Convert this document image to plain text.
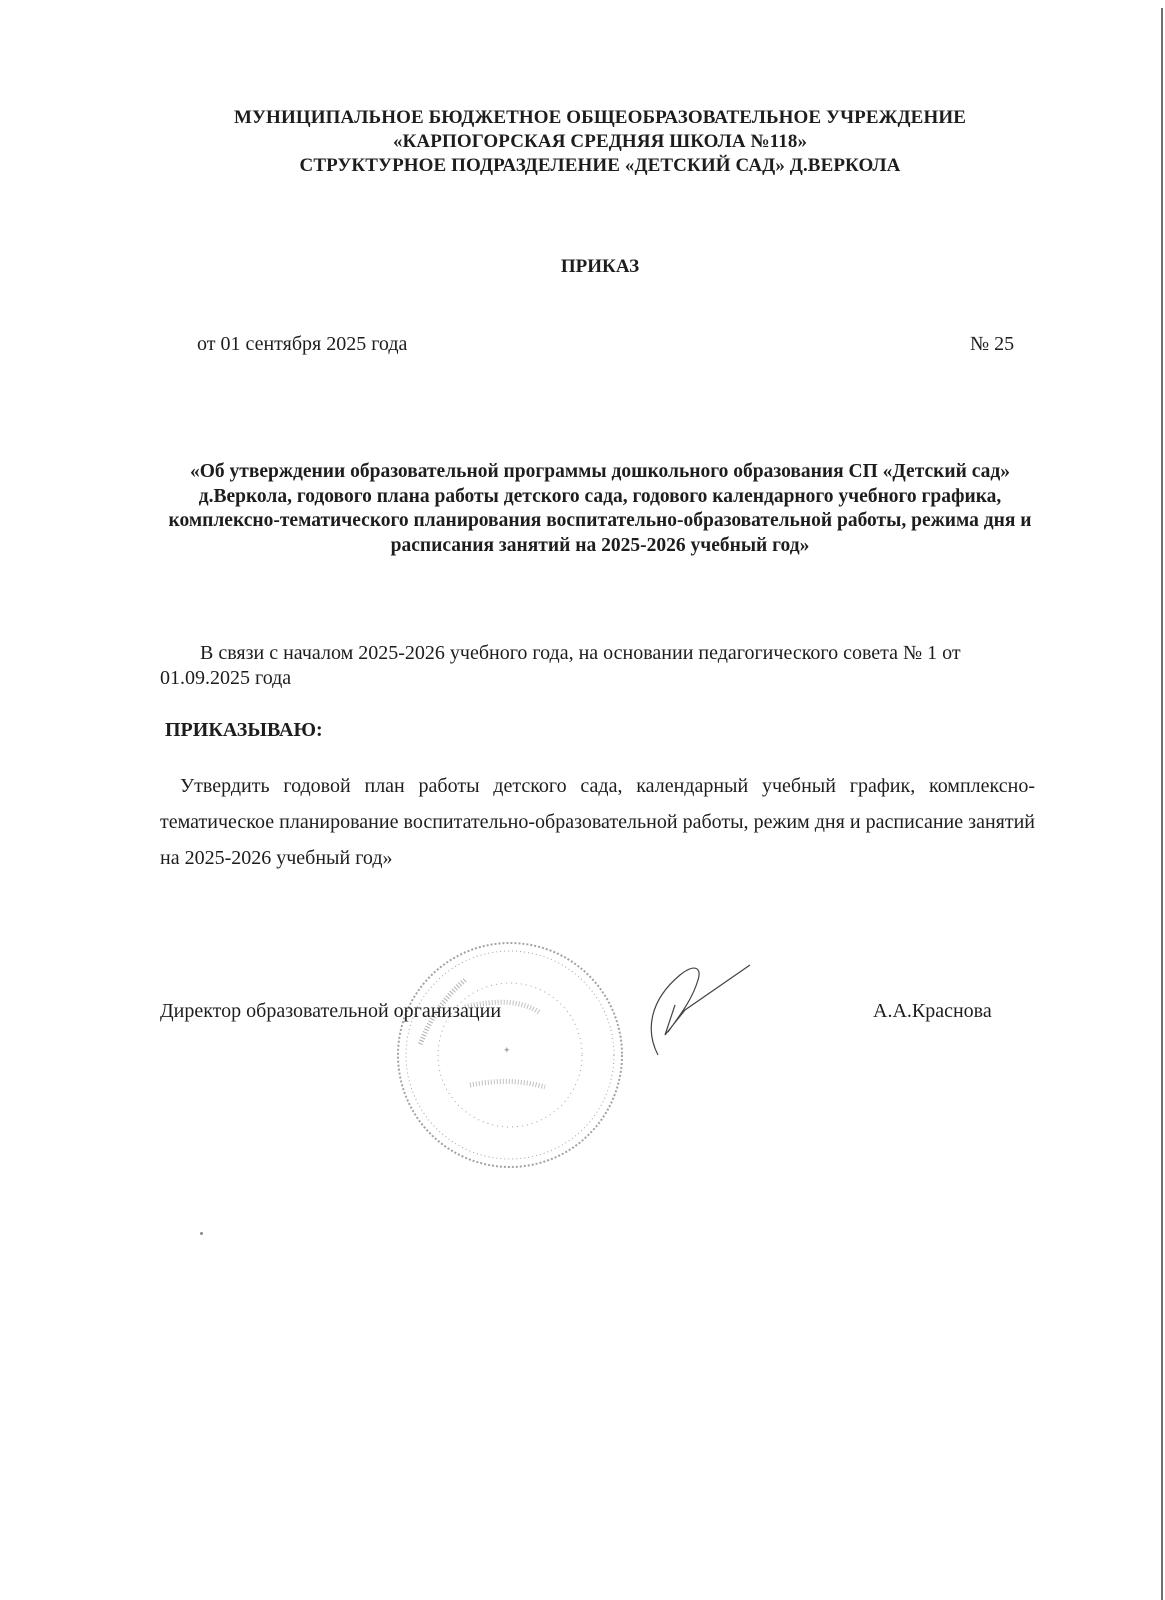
МУНИЦИПАЛЬНОЕ БЮДЖЕТНОЕ ОБЩЕОБРАЗОВАТЕЛЬНОЕ УЧРЕЖДЕНИЕ
«КАРПОГОРСКАЯ СРЕДНЯЯ ШКОЛА №118»
СТРУКТУРНОЕ ПОДРАЗДЕЛЕНИЕ «ДЕТСКИЙ САД» Д.ВЕРКОЛА
ПРИКАЗ
от 01 сентября 2025 года	№ 25
«Об утверждении образовательной программы дошкольного образования СП «Детский сад» д.Веркола, годового плана работы детского сада, годового календарного учебного графика, комплексно-тематического планирования воспитательно-образовательной работы, режима дня и расписания занятий на 2025-2026 учебный год»
В связи с началом 2025-2026 учебного года, на основании педагогического совета № 1 от 01.09.2025 года
ПРИКАЗЫВАЮ:
Утвердить годовой план работы детского сада, календарный учебный график, комплексно-тематическое планирование воспитательно-образовательной работы, режим дня и расписание занятий на 2025-2026 учебный год»
✦
Директор образовательной организации	А.А.Краснова
